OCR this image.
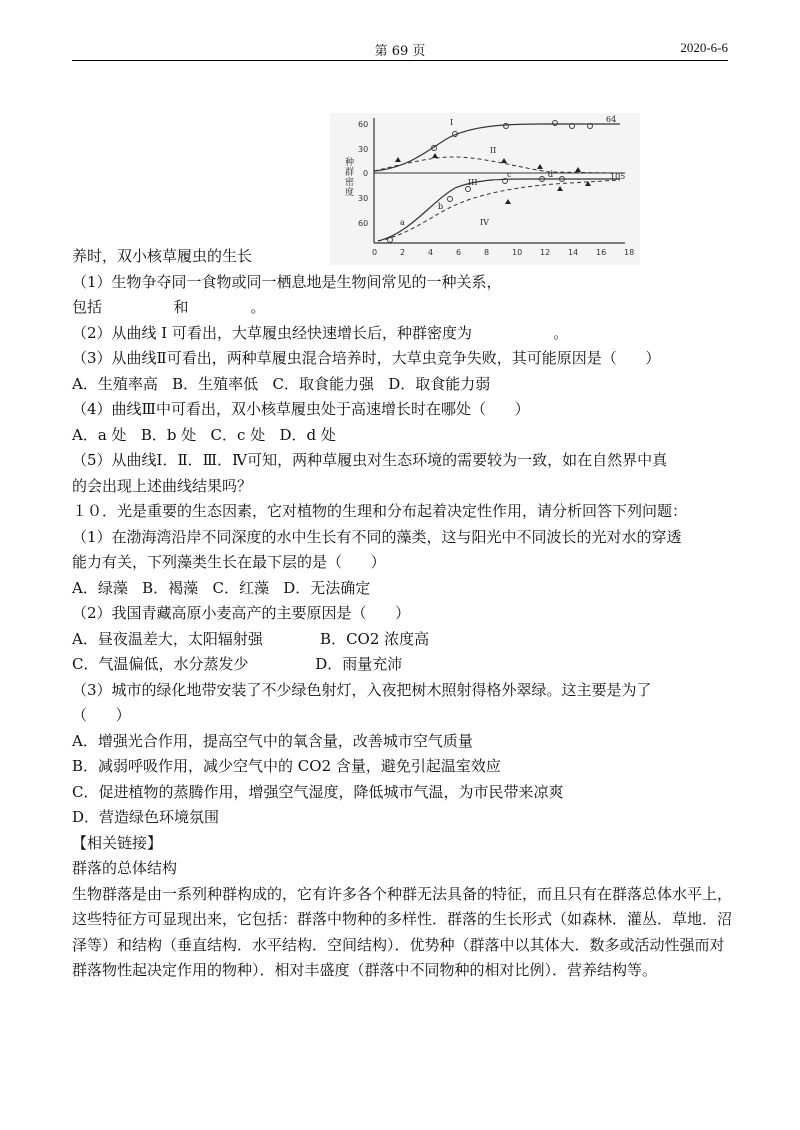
第 69 页	2020-6-6
种
群
密
度
60
30
0
30
60
0	2	4	6	8	10 12 14 16 18
I
II
III
IV
a
b
c	d
64
105

养时，双小核草履虫的生长

（1）生物争夺同一食物或同一栖息地是生物间常见的一种关系，

包括               和             。

（2）从曲线 I 可看出，大草履虫经快速增长后，种群密度为                 。

（3）从曲线Ⅱ可看出，两种草履虫混合培养时，大草虫竞争失败，其可能原因是（      ）

A．生殖率高   B．生殖率低   C．取食能力强   D．取食能力弱

（4）曲线Ⅲ中可看出，双小核草履虫处于高速增长时在哪处（      ）

A．a 处   B．b 处   C．c 处   D．d 处

（5）从曲线Ⅰ．Ⅱ．Ⅲ．Ⅳ可知，两种草履虫对生态环境的需要较为一致，如在自然界中真

的会出现上述曲线结果吗？

１０．光是重要的生态因素，它对植物的生理和分布起着决定性作用，请分析回答下列问题：

（1）在渤海湾沿岸不同深度的水中生长有不同的藻类，这与阳光中不同波长的光对水的穿透

能力有关，下列藻类生长在最下层的是（      ）

A．绿藻   B．褐藻   C．红藻   D．无法确定

（2）我国青藏高原小麦高产的主要原因是（      ）

A．昼夜温差大，太阳辐射强            B．CO2 浓度高

C．气温偏低，水分蒸发少              D．雨量充沛

（3）城市的绿化地带安装了不少绿色射灯，入夜把树木照射得格外翠绿。这主要是为了

（      ）

A．增强光合作用，提高空气中的氧含量，改善城市空气质量

B．减弱呼吸作用，减少空气中的 CO2 含量，避免引起温室效应

C．促进植物的蒸腾作用，增强空气湿度，降低城市气温，为市民带来凉爽

D．营造绿色环境氛围

【相关链接】

群落的总体结构

生物群落是由一系列种群构成的，它有许多各个种群无法具备的特征，而且只有在群落总体水平上，这些特征方可显现出来，它包括：群落中物种的多样性．群落的生长形式（如森林．灌丛．草地．沼泽等）和结构（垂直结构．水平结构．空间结构）．优势种（群落中以其体大．数多或活动性强而对群落物性起决定作用的物种）．相对丰盛度（群落中不同物种的相对比例）．营养结构等。
